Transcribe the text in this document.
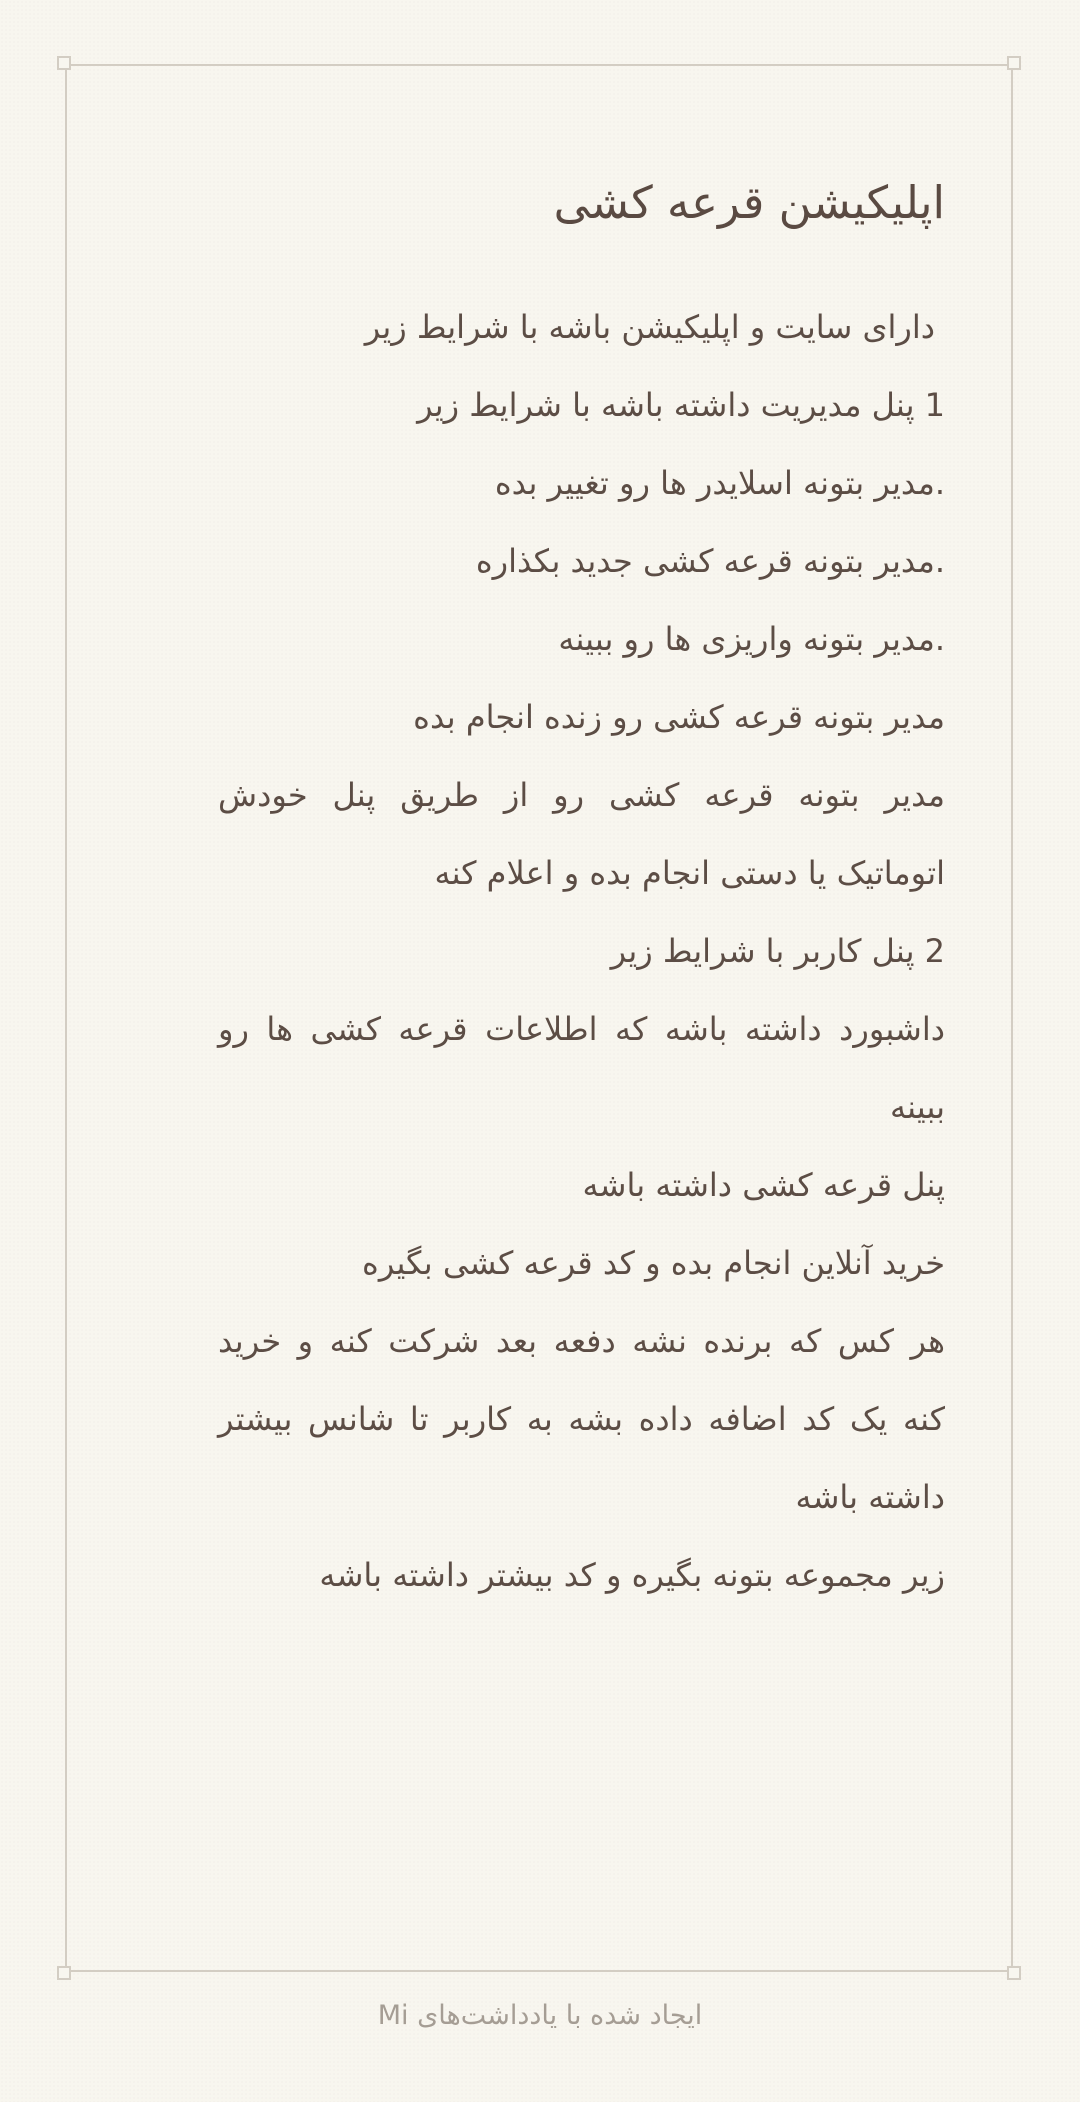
اپلیکیشن قرعه کشی

دارای سایت و اپلیکیشن باشه با شرایط زیر

1 پنل مدیریت داشته باشه با شرایط زیر

.مدیر بتونه اسلایدر ها رو تغییر بده

.مدیر بتونه قرعه کشی جدید بکذاره

.مدیر بتونه واریزی ها رو ببینه

مدیر بتونه قرعه کشی رو زنده انجام بده

مدیر بتونه قرعه کشی رو از طریق پنل خودش

اتوماتیک یا دستی انجام بده و اعلام کنه

2 پنل کاربر با شرایط زیر

داشبورد داشته باشه که اطلاعات قرعه کشی ها رو

ببینه

پنل قرعه کشی داشته باشه

خرید آنلاین انجام بده و کد قرعه کشی بگیره

هر کس که برنده نشه دفعه بعد شرکت کنه و خرید

کنه یک کد اضافه داده بشه به کاربر تا شانس بیشتر

داشته باشه

زیر مجموعه بتونه بگیره و کد بیشتر داشته باشه

ایجاد شده با یادداشت‌های Mi
